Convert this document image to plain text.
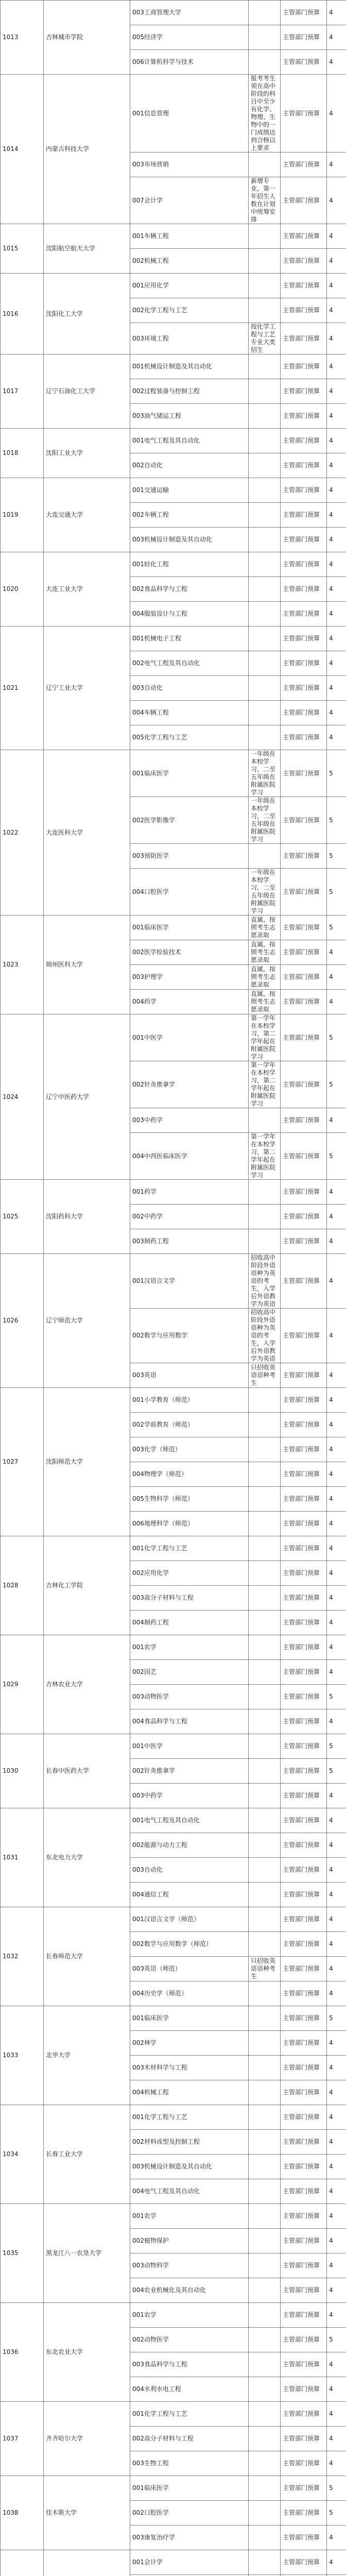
1013	吉林城市学院	003工商管理大学		主管部门预算	4	
		005经济学		主管部门预算	4	
		006计算机科学与技术		主管部门预算	4	
1014	内蒙古科技大学	001信息管理	报考考生须在高中阶段的科目中至少有化学、物理、生物中的一门成绩达到合格以上要求	主管部门预算	4	
		003市场营销		主管部门预算	4	
		007会计学	新增专业，第一年招生人数在计划中统筹安排	主管部门预算	4	
1015	沈阳航空航天大学	001车辆工程		主管部门预算	4	
		002机械工程		主管部门预算	4	
1016	沈阳化工大学	001应用化学		主管部门预算	4	
		002化学工程与工艺		主管部门预算	4	
		003环境工程	按化学工程与工艺专业大类招生	主管部门预算	4	
1017	辽宁石油化工大学	001机械设计制造及其自动化		主管部门预算	4	
		002过程装备与控制工程		主管部门预算	4	
		003油气储运工程		主管部门预算	4	
1018	沈阳工业大学	001电气工程及其自动化		主管部门预算	4	
		002自动化		主管部门预算	4	
1019	大连交通大学	001交通运输		主管部门预算	4	
		002车辆工程		主管部门预算	4	
		003机械设计制造及其自动化		主管部门预算	4	
1020	大连工业大学	001轻化工程		主管部门预算	4	
		002食品科学与工程		主管部门预算	4	
		004服装设计与工程		主管部门预算	4	
1021	辽宁工业大学	001机械电子工程		主管部门预算	4	
		002电气工程及其自动化		主管部门预算	4	
		003自动化		主管部门预算	4	
		004车辆工程		主管部门预算	4	
		005化学工程与工艺		主管部门预算	4	
1022	大连医科大学	001临床医学	一年级在本校学习，二至五年级在附属医院学习	主管部门预算	5	
		002医学影像学	一年级在本校学习，二至五年级在附属医院学习	主管部门预算	5	
		003预防医学		主管部门预算	5	
		004口腔医学	一年级在本校学习，二至五年级在附属医院学习	主管部门预算	5	
1023	锦州医科大学	001临床医学	直属，按照考生志愿录取	主管部门预算	5	
		002医学检验技术	直属，按照考生志愿录取	主管部门预算	4	
		003护理学	直属，按照考生志愿录取	主管部门预算	4	
		004药学	直属，按照考生志愿录取	主管部门预算	4	
1024	辽宁中医药大学	001中医学	第一学年在本校学习，第二学年起在附属医院学习	主管部门预算	5	
		002针灸推拿学	第一学年在本校学习，第二学年起在附属医院学习	主管部门预算	5	
		003中药学		主管部门预算	4	
		004中西医临床医学	第一学年在本校学习，第二学年起在附属医院学习	主管部门预算	5	
1025	沈阳药科大学	001药学		主管部门预算	4	
		002中药学		主管部门预算	4	
		003制药工程		主管部门预算	4	
1026	辽宁师范大学	001汉语言文学	招收高中阶段外语语种为英语的考生，入学后外语教学为英语	主管部门预算	4	
		002数学与应用数学	招收高中阶段外语语种为英语的考生，入学后外语教学为英语	主管部门预算	4	
		003英语	只招收英语语种考生	主管部门预算	4	
1027	沈阳师范大学	001小学教育（师范）		主管部门预算	4	
		002学前教育（师范）		主管部门预算	4	
		003化学（师范）		主管部门预算	4	
		004物理学（师范）		主管部门预算	4	
		005生物科学（师范）		主管部门预算	4	
		006地理科学（师范）		主管部门预算	4	
1028	吉林化工学院	001化学工程与工艺		主管部门预算	4	
		002应用化学		主管部门预算	4	
		003高分子材料与工程		主管部门预算	4	
		004制药工程		主管部门预算	4	
1029	吉林农业大学	001农学		主管部门预算	4	
		002园艺		主管部门预算	4	
		003动物医学		主管部门预算	5	
		004食品科学与工程		主管部门预算	4	
1030	长春中医药大学	001中医学		主管部门预算	5	
		002针灸推拿学		主管部门预算	5	
		003中药学		主管部门预算	4	
1031	东北电力大学	001电气工程及其自动化		主管部门预算	4	
		002能源与动力工程		主管部门预算	4	
		003自动化		主管部门预算	4	
		004通信工程		主管部门预算	4	
1032	长春师范大学	001汉语言文学（师范）		主管部门预算	4	
		002数学与应用数学（师范）		主管部门预算	4	
		003英语（师范）	只招收英语语种考生	主管部门预算	4	
		004历史学（师范）		主管部门预算	4	
1033	北华大学	001临床医学		主管部门预算	5	
		002林学		主管部门预算	4	
		003木材科学与工程		主管部门预算	4	
		004机械工程		主管部门预算	4	
1034	长春工业大学	001化学工程与工艺		主管部门预算	4	
		002材料成型及控制工程		主管部门预算	4	
		003机械设计制造及其自动化		主管部门预算	4	
		004电气工程及其自动化		主管部门预算	4	
1035	黑龙江八一农垦大学	001农学		主管部门预算	4	
		002植物保护		主管部门预算	4	
		003动物科学		主管部门预算	4	
		004农业机械化及其自动化		主管部门预算	4	
1036	东北农业大学	001农学		主管部门预算	4	
		002动物医学		主管部门预算	5	
		003食品科学与工程		主管部门预算	4	
		004水利水电工程		主管部门预算	4	
1037	齐齐哈尔大学	001化学工程与工艺		主管部门预算	4	
		002高分子材料与工程		主管部门预算	4	
		003生物工程		主管部门预算	4	
1038	佳木斯大学	001临床医学		主管部门预算	5	
		002口腔医学		主管部门预算	5	
		003康复治疗学		主管部门预算	4	
		001会计学		主管部门预算	4	
